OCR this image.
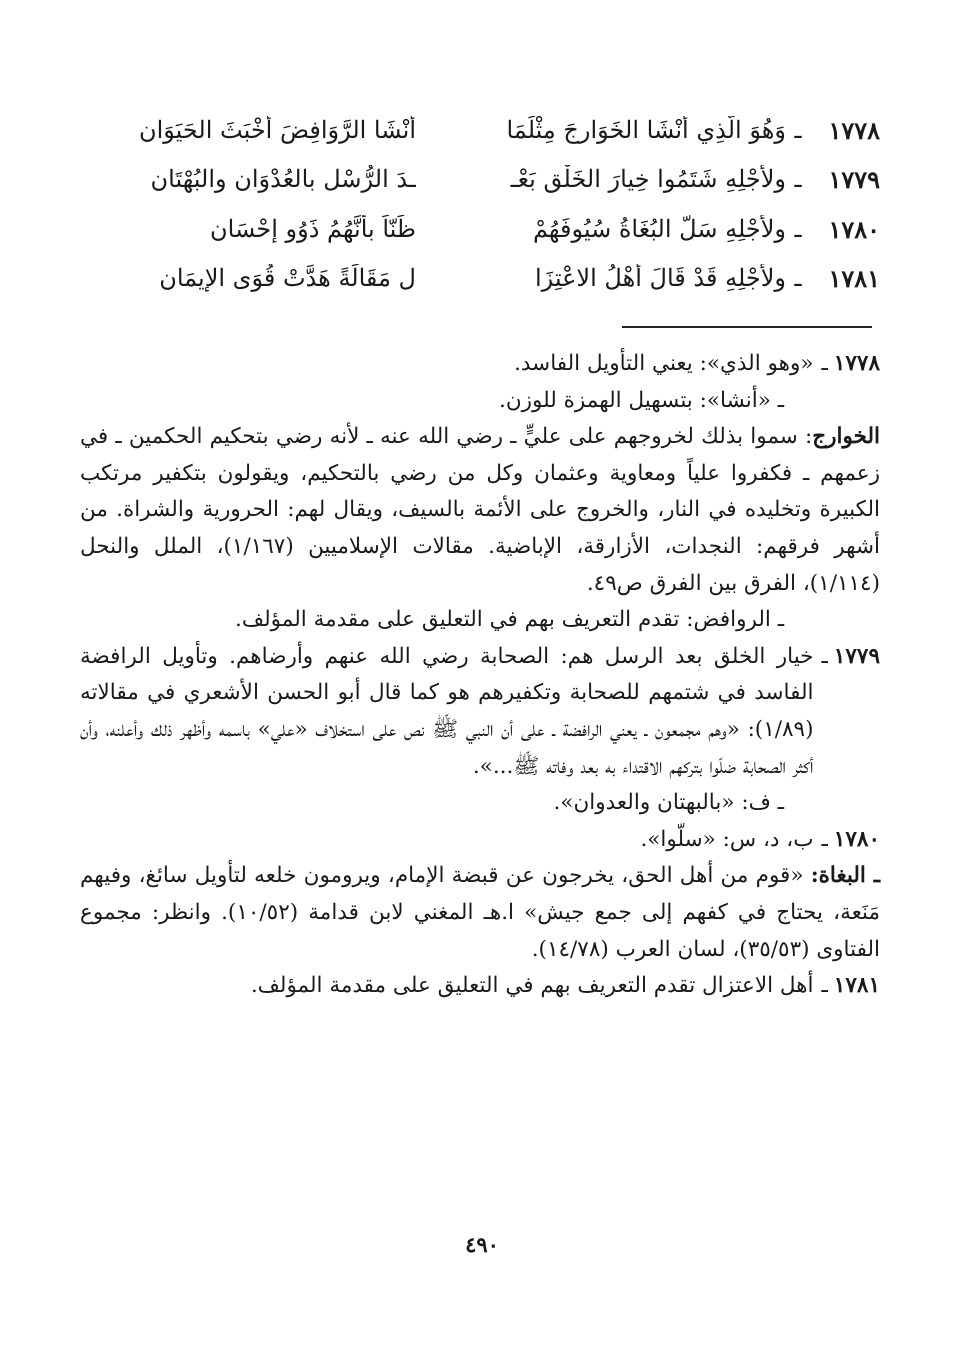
١٧٧٨
ـ
وَهُوَ الَّذِي أَنْشَا الخَوَارِجَ مِثْلَمَا
أَنْشَا الرَّوَافِضَ أَخْبَثَ الحَيَوَانِ
١٧٧٩
ـ
ولأجْلِهِ شَتَمُوا خِيارَ الخَلْقِ بَعْـ
ـدَ الرُّسْلِ بالعُدْوَانِ والبُهْتَانِ
١٧٨٠
ـ
ولأجْلِهِ سَلَّ البُغَاةُ سُيُوفَهُمْ
ظَنّاً بأَنَّهُمُ ذَوُو إحْسَانِ
١٧٨١
ـ
ولأجْلِهِ قَدْ قَالَ أَهْلُ الاعْتِزَا
لِ مَقَالَةً هَدَّتْ قُوَى الإيمَانِ
١٧٧٨
ـ
«وهو الذي»: يعني التأويل الفاسد.

ـ «أنشا»: بتسهيل الهمزة للوزن.

الخوارج: سموا بذلك لخروجهم على عليٍّ ـ رضي الله عنه ـ لأنه رضي بتحكيم الحكمين ـ في زعمهم ـ فكفروا علياً ومعاوية وعثمان وكل من رضي بالتحكيم، ويقولون بتكفير مرتكب الكبيرة وتخليده في النار، والخروج على الأئمة بالسيف، ويقال لهم: الحرورية والشراة. من أشهر فرقهم: النجدات، الأزارقة، الإباضية. مقالات الإسلاميين (١/١٦٧)، الملل والنحل (١/١١٤)، الفرق بين الفرق ص٤٩.

ـ الروافض: تقدم التعريف بهم في التعليق على مقدمة المؤلف.

١٧٧٩
ـ
خيار الخلق بعد الرسل هم: الصحابة رضي الله عنهم وأرضاهم. وتأويل الرافضة الفاسد في شتمهم للصحابة وتكفيرهم هو كما قال أبو الحسن الأشعري في مقالاته (١/٨٩): «وهم مجمعون ـ يعني الرافضة ـ على أن النبي ﷺ نص على استخلاف «علي» باسمه وأظهر ذلك وأعلنه، وأن أكثر الصحابة ضلّوا بتركهم الاقتداء به بعد وفاته ﷺ...».

ـ ف: «بالبهتان والعدوان».

١٧٨٠
ـ
ب، د، س: «سلّوا».

ـ البغاة: «قوم من أهل الحق، يخرجون عن قبضة الإمام، ويرومون خلعه لتأويل سائغ، وفيهم مَنَعة، يحتاج في كفهم إلى جمع جيش» ا.هـ المغني لابن قدامة (١٠/٥٢). وانظر: مجموع الفتاوى (٣٥/٥٣)، لسان العرب (١٤/٧٨).

١٧٨١
ـ
أهل الاعتزال تقدم التعريف بهم في التعليق على مقدمة المؤلف.
٤٩٠
